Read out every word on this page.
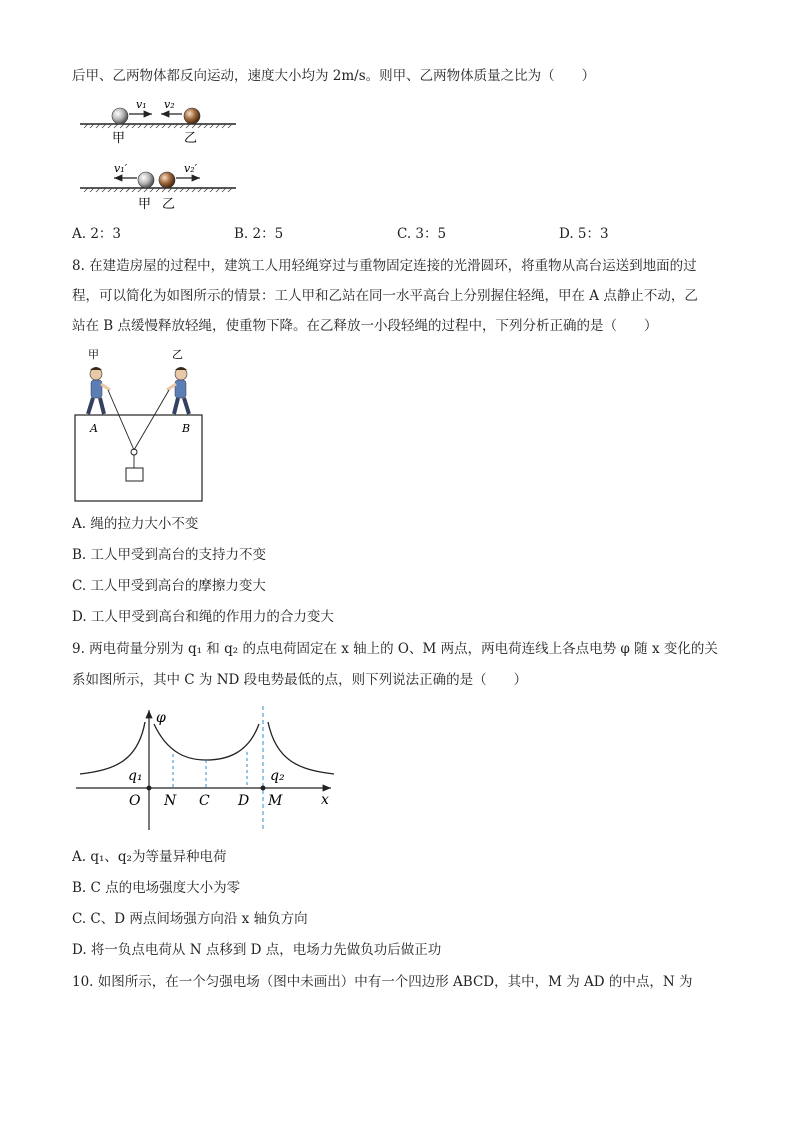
后甲、乙两物体都反向运动，速度大小均为 2m/s。则甲、乙两物体质量之比为（　　）
v₁ v₂
甲	乙
v₁′	v₂′
甲 乙
A. 2：3	B. 2：5	C. 3：5	D. 5：3
8. 在建造房屋的过程中，建筑工人用轻绳穿过与重物固定连接的光滑圆环，将重物从高台运送到地面的过
程，可以简化为如图所示的情景：工人甲和乙站在同一水平高台上分别握住轻绳，甲在 A 点静止不动，乙
站在 B 点缓慢释放轻绳，使重物下降。在乙释放一小段轻绳的过程中，下列分析正确的是（　　）
甲	乙
A	B
A. 绳的拉力大小不变
B. 工人甲受到高台的支持力不变
C. 工人甲受到高台的摩擦力变大
D. 工人甲受到高台和绳的作用力的合力变大
9. 两电荷量分别为 q₁ 和 q₂ 的点电荷固定在 x 轴上的 O、M 两点，两电荷连线上各点电势 φ 随 x 变化的关
系如图所示，其中 C 为 ND 段电势最低的点，则下列说法正确的是（　　）
φ
q₁	q₂
x
O N C D M
A. q₁、q₂为等量异种电荷
B. C 点的电场强度大小为零
C. C、D 两点间场强方向沿 x 轴负方向
D. 将一负点电荷从 N 点移到 D 点，电场力先做负功后做正功
10. 如图所示，在一个匀强电场（图中未画出）中有一个四边形 ABCD，其中，M 为 AD 的中点，N 为
